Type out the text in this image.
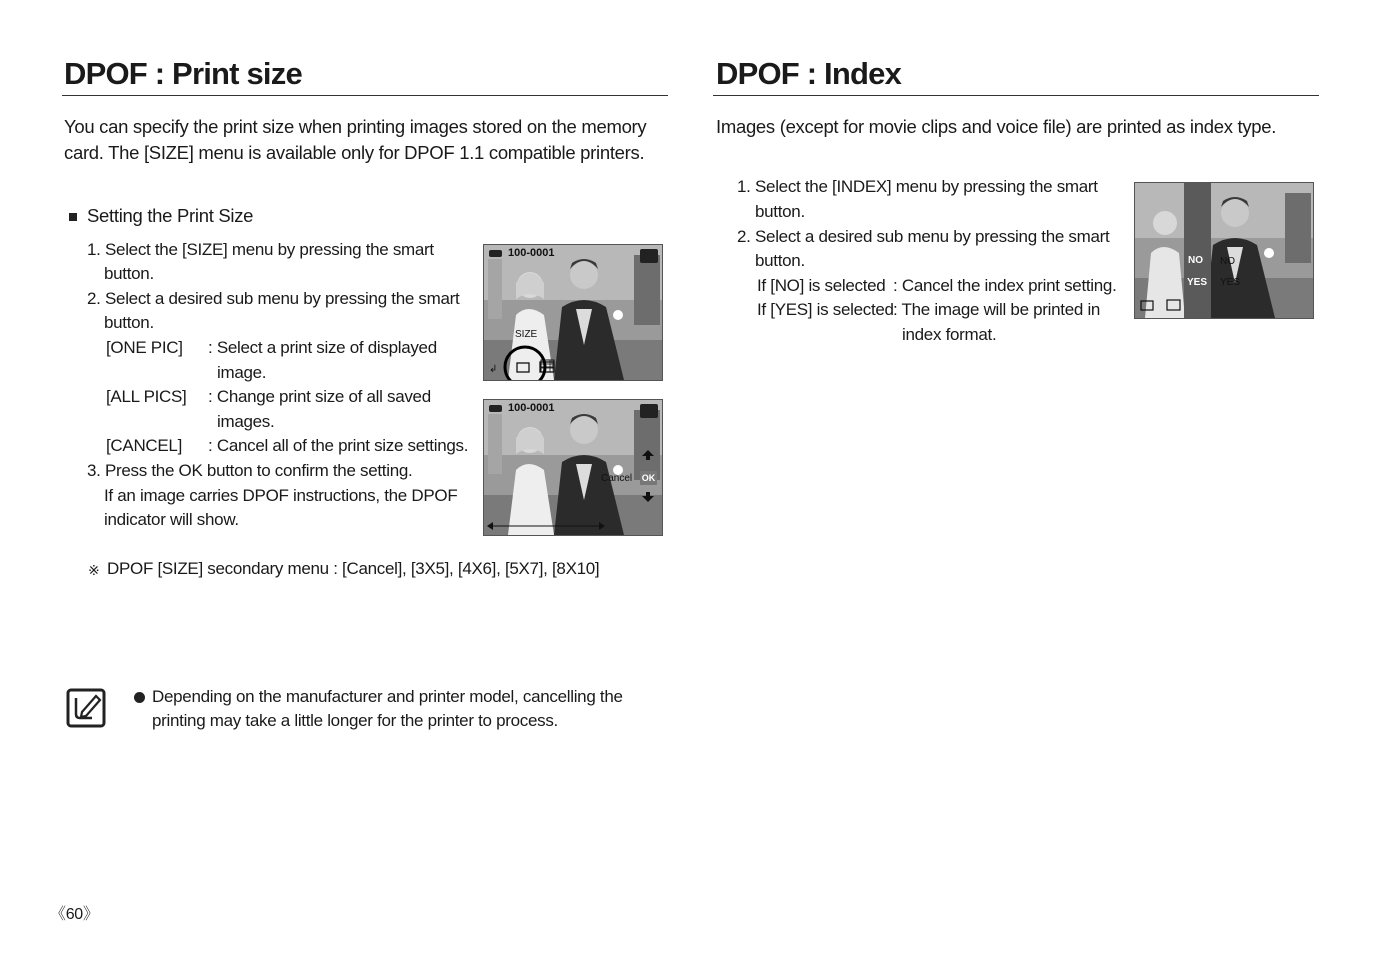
DPOF : Print size

You can specify the print size when printing images stored on the memory

card. The [SIZE] menu is available only for DPOF 1.1 compatible printers.

Setting the Print Size
1. Select the [SIZE] menu by pressing the smart
button.
2. Select a desired sub menu by pressing the smart
button.
[ONE PIC] : Select a print size of displayed
image.
[ALL PICS] : Change print size of all saved
images.
[CANCEL] : Cancel all of the print size settings.
3. Press the OK button to confirm the setting.
If an image carries DPOF instructions, the DPOF
indicator will show.
※ DPOF [SIZE] secondary menu : [Cancel], [3X5], [4X6], [5X7], [8X10]
100-0001
SIZE
↲
100-0001
Cancel OK
Depending on the manufacturer and printer model, cancelling the
printing may take a little longer for the printer to process.
《60》
DPOF : Index

Images (except for movie clips and voice file) are printed as index type.

1. Select the [INDEX] menu by pressing the smart
button.
2. Select a desired sub menu by pressing the smart
button.
If [NO] is selected : Cancel the index print setting.
If [YES] is selected : The image will be printed in
index format.
NO
YES
NO
YES
